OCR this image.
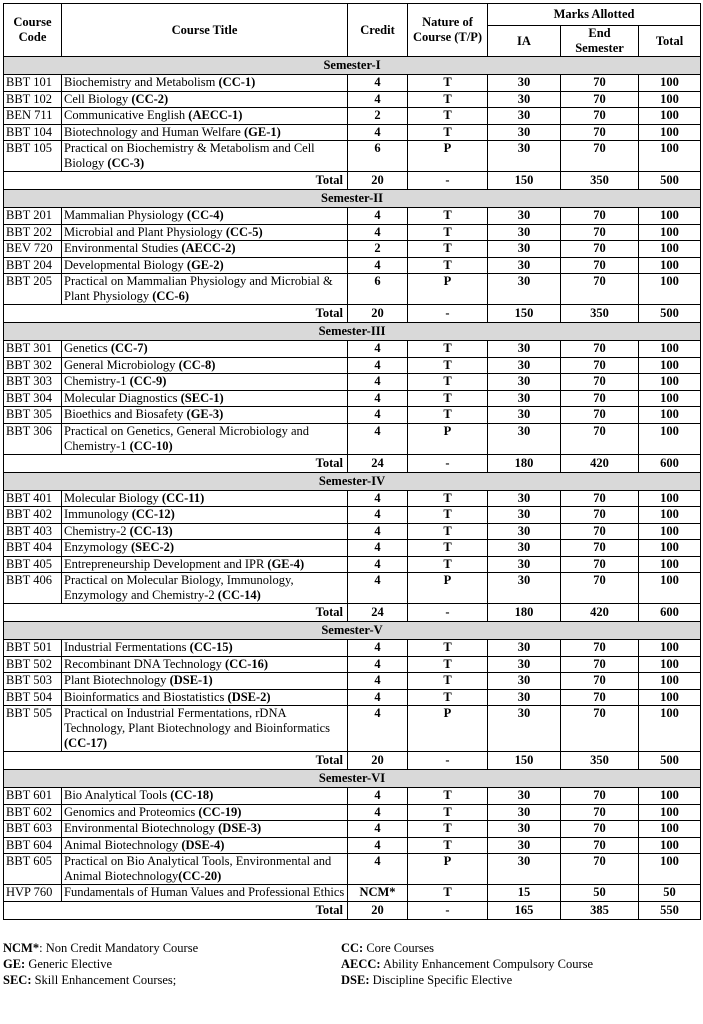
Course Code	Course Title	Credit	Nature of Course (T/P)	Marks Allotted		
				IA	End Semester	Total
Semester-I						
BBT 101	Biochemistry and Metabolism (CC-1)	4	T	30	70	100
BBT 102	Cell Biology (CC-2)	4	T	30	70	100
BEN 711	Communicative English (AECC-1)	2	T	30	70	100
BBT 104	Biotechnology and Human Welfare (GE-1)	4	T	30	70	100
BBT 105	Practical on Biochemistry & Metabolism and Cell Biology (CC-3)	6	P	30	70	100
Total		20	-	150	350	500
Semester-II						
BBT 201	Mammalian Physiology (CC-4)	4	T	30	70	100
BBT 202	Microbial and Plant Physiology (CC-5)	4	T	30	70	100
BEV 720	Environmental Studies (AECC-2)	2	T	30	70	100
BBT 204	Developmental Biology (GE-2)	4	T	30	70	100
BBT 205	Practical on Mammalian Physiology and Microbial & Plant Physiology (CC-6)	6	P	30	70	100
Total		20	-	150	350	500
Semester-III						
BBT 301	Genetics (CC-7)	4	T	30	70	100
BBT 302	General Microbiology (CC-8)	4	T	30	70	100
BBT 303	Chemistry-1 (CC-9)	4	T	30	70	100
BBT 304	Molecular Diagnostics (SEC-1)	4	T	30	70	100
BBT 305	Bioethics and Biosafety (GE-3)	4	T	30	70	100
BBT 306	Practical on Genetics, General Microbiology and Chemistry-1 (CC-10)	4	P	30	70	100
Total		24	-	180	420	600
Semester-IV						
BBT 401	Molecular Biology (CC-11)	4	T	30	70	100
BBT 402	Immunology (CC-12)	4	T	30	70	100
BBT 403	Chemistry-2 (CC-13)	4	T	30	70	100
BBT 404	Enzymology (SEC-2)	4	T	30	70	100
BBT 405	Entrepreneurship Development and IPR (GE-4)	4	T	30	70	100
BBT 406	Practical on Molecular Biology, Immunology, Enzymology and Chemistry-2 (CC-14)	4	P	30	70	100
Total		24	-	180	420	600
Semester-V						
BBT 501	Industrial Fermentations (CC-15)	4	T	30	70	100
BBT 502	Recombinant DNA Technology (CC-16)	4	T	30	70	100
BBT 503	Plant Biotechnology (DSE-1)	4	T	30	70	100
BBT 504	Bioinformatics and Biostatistics (DSE-2)	4	T	30	70	100
BBT 505	Practical on Industrial Fermentations, rDNA Technology, Plant Biotechnology and Bioinformatics (CC-17)	4	P	30	70	100
Total		20	-	150	350	500
Semester-VI						
BBT 601	Bio Analytical Tools (CC-18)	4	T	30	70	100
BBT 602	Genomics and Proteomics (CC-19)	4	T	30	70	100
BBT 603	Environmental Biotechnology (DSE-3)	4	T	30	70	100
BBT 604	Animal Biotechnology (DSE-4)	4	T	30	70	100
BBT 605	Practical on Bio Analytical Tools, Environmental and Animal Biotechnology(CC-20)	4	P	30	70	100
HVP 760	Fundamentals of Human Values and Professional Ethics	NCM*	T	15	50	50
Total		20	-	165	385	550
NCM*: Non Credit Mandatory Course	CC: Core Courses
GE: Generic Elective	AECC: Ability Enhancement Compulsory Course
SEC: Skill Enhancement Courses;	DSE: Discipline Specific Elective
